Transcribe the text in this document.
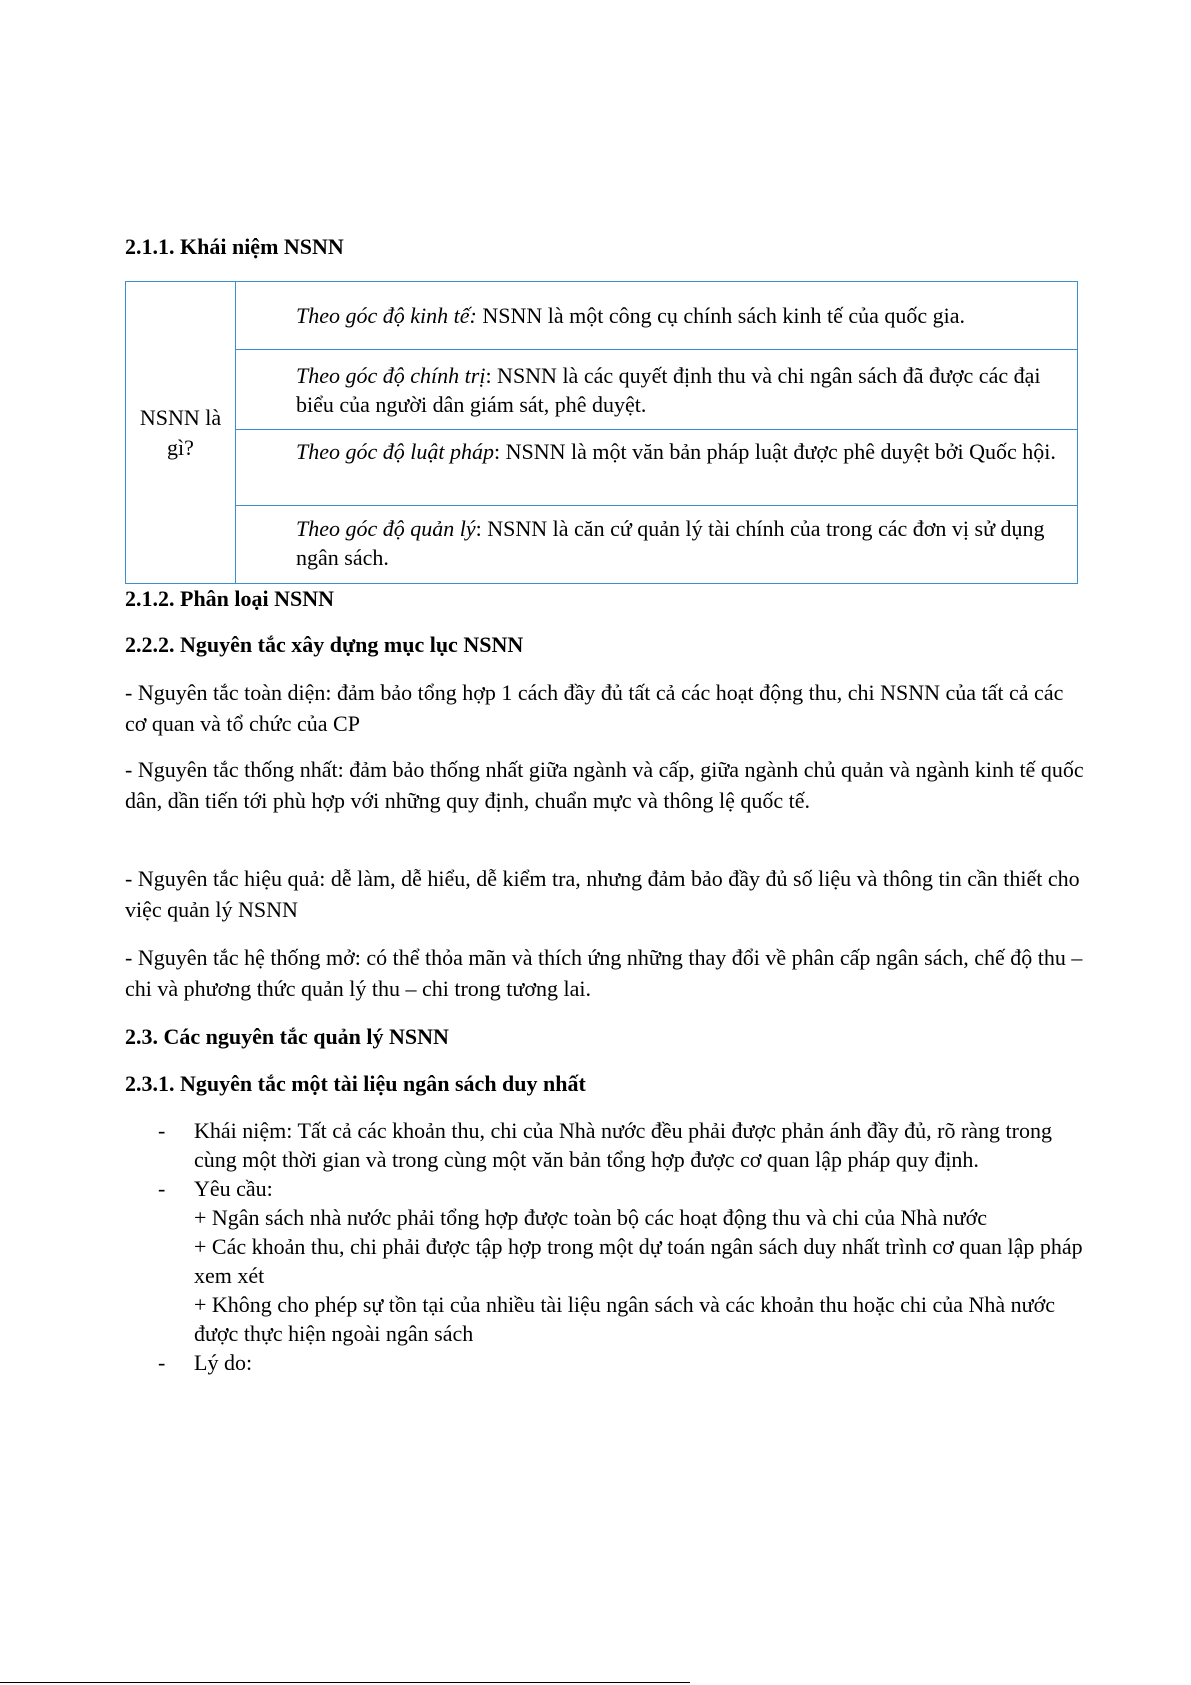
2.1.1. Khái niệm NSNN
NSNN là gì?	Theo góc độ kinh tế: NSNN là một công cụ chính sách kinh tế của quốc gia.
Theo góc độ chính trị: NSNN là các quyết định thu và chi ngân sách đã được các đại biểu của người dân giám sát, phê duyệt.
Theo góc độ luật pháp: NSNN là một văn bản pháp luật được phê duyệt bởi Quốc hội.
Theo góc độ quản lý: NSNN là căn cứ quản lý tài chính của trong các đơn vị sử dụng ngân sách.
2.1.2. Phân loại NSNN
2.2.2. Nguyên tắc xây dựng mục lục NSNN
- Nguyên tắc toàn diện: đảm bảo tổng hợp 1 cách đầy đủ tất cả các hoạt động thu, chi NSNN của tất cả các cơ quan và tổ chức của CP
- Nguyên tắc thống nhất: đảm bảo thống nhất giữa ngành và cấp, giữa ngành chủ quản và ngành kinh tế quốc dân, dần tiến tới phù hợp với những quy định, chuẩn mực và thông lệ quốc tế.
- Nguyên tắc hiệu quả: dễ làm, dễ hiểu, dễ kiểm tra, nhưng đảm bảo đầy đủ số liệu và thông tin cần thiết cho việc quản lý NSNN
- Nguyên tắc hệ thống mở: có thể thỏa mãn và thích ứng những thay đổi về phân cấp ngân sách, chế độ thu – chi và phương thức quản lý thu – chi trong tương lai.
2.3. Các nguyên tắc quản lý NSNN
2.3.1. Nguyên tắc một tài liệu ngân sách duy nhất
- Khái niệm: Tất cả các khoản thu, chi của Nhà nước đều phải được phản ánh đầy đủ, rõ ràng trong cùng một thời gian và trong cùng một văn bản tổng hợp được cơ quan lập pháp quy định.
- Yêu cầu:
+ Ngân sách nhà nước phải tổng hợp được toàn bộ các hoạt động thu và chi của Nhà nước
+ Các khoản thu, chi phải được tập hợp trong một dự toán ngân sách duy nhất trình cơ quan lập pháp xem xét
+ Không cho phép sự tồn tại của nhiều tài liệu ngân sách và các khoản thu hoặc chi của Nhà nước được thực hiện ngoài ngân sách
- Lý do:
